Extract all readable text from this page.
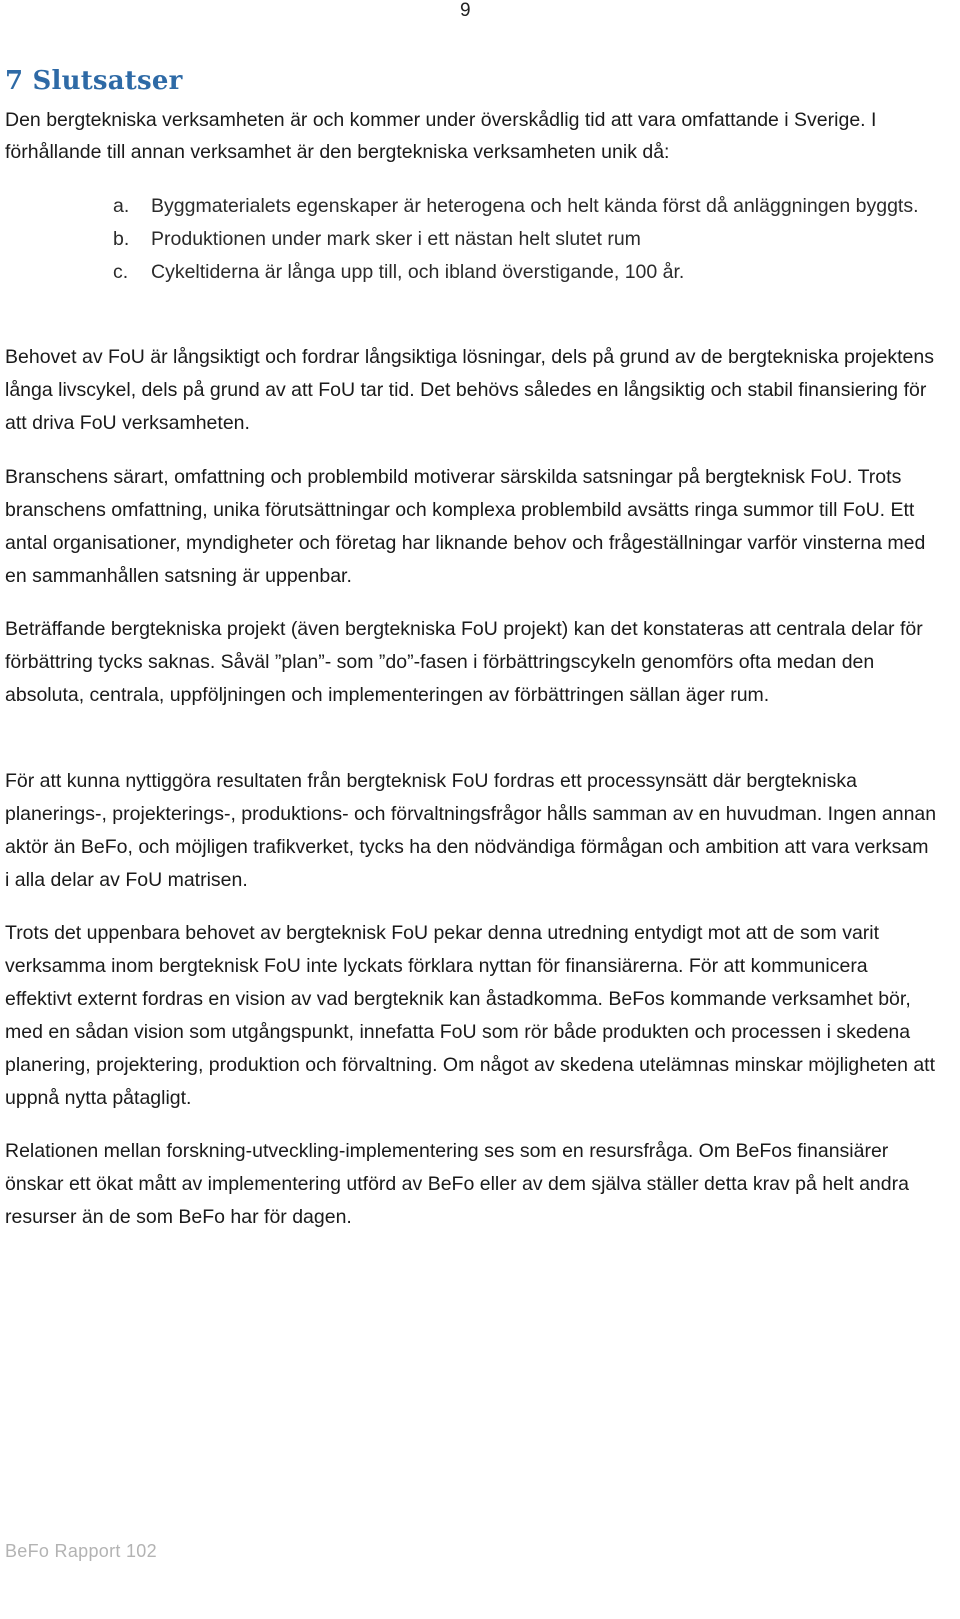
9
7 Slutsatser

Den bergtekniska verksamheten är och kommer under överskådlig tid att vara omfattande i Sverige. I förhållande till annan verksamhet är den bergtekniska verksamheten unik då:

a. Byggmaterialets egenskaper är heterogena och helt kända först då anläggningen byggts.
b. Produktionen under mark sker i ett nästan helt slutet rum
c. Cykeltiderna är långa upp till, och ibland överstigande, 100 år.

Behovet av FoU är långsiktigt och fordrar långsiktiga lösningar, dels på grund av de bergtekniska projektens långa livscykel, dels på grund av att FoU tar tid. Det behövs således en långsiktig och stabil finansiering för att driva FoU verksamheten.

Branschens särart, omfattning och problembild motiverar särskilda satsningar på bergteknisk FoU. Trots branschens omfattning, unika förutsättningar och komplexa problembild avsätts ringa summor till FoU. Ett antal organisationer, myndigheter och företag har liknande behov och frågeställningar varför vinsterna med en sammanhållen satsning är uppenbar.

Beträffande bergtekniska projekt (även bergtekniska FoU projekt) kan det konstateras att centrala delar för förbättring tycks saknas. Såväl ”plan”- som ”do”-fasen i förbättringscykeln genomförs ofta medan den absoluta, centrala, uppföljningen och implementeringen av förbättringen sällan äger rum.

För att kunna nyttiggöra resultaten från bergteknisk FoU fordras ett processynsätt där bergtekniska planerings-, projekterings-, produktions- och förvaltningsfrågor hålls samman av en huvudman. Ingen annan aktör än BeFo, och möjligen trafikverket, tycks ha den nödvändiga förmågan och ambition att vara verksam i alla delar av FoU matrisen.

Trots det uppenbara behovet av bergteknisk FoU pekar denna utredning entydigt mot att de som varit verksamma inom bergteknisk FoU inte lyckats förklara nyttan för finansiärerna. För att kommunicera effektivt externt fordras en vision av vad bergteknik kan åstadkomma. BeFos kommande verksamhet bör, med en sådan vision som utgångspunkt, innefatta FoU som rör både produkten och processen i skedena planering, projektering, produktion och förvaltning. Om något av skedena utelämnas minskar möjligheten att uppnå nytta påtagligt.

Relationen mellan forskning-utveckling-implementering ses som en resursfråga. Om BeFos finansiärer önskar ett ökat mått av implementering utförd av BeFo eller av dem själva ställer detta krav på helt andra resurser än de som BeFo har för dagen.

BeFo Rapport 102
